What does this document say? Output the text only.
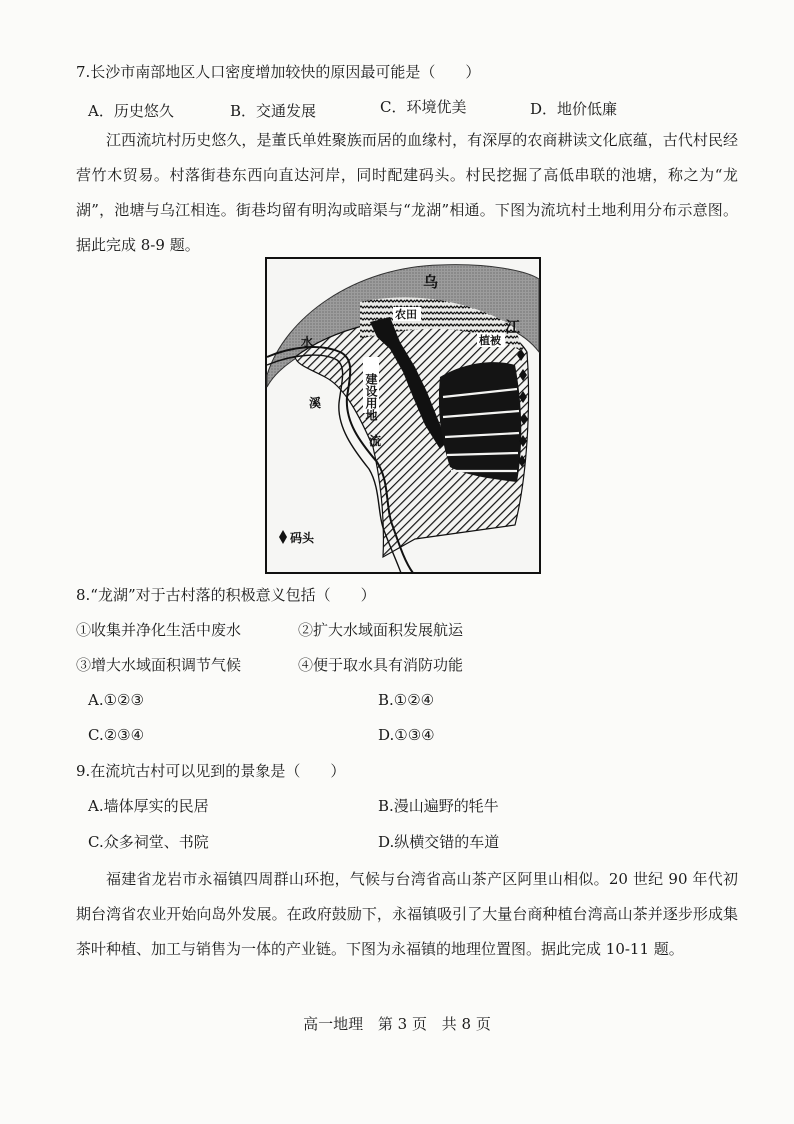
7.长沙市南部地区人口密度增加较快的原因最可能是（　　）
A．历史悠久	B．交通发展	C．环境优美	D．地价低廉
江西流坑村历史悠久，是董氏单姓聚族而居的血缘村，有深厚的农商耕读文化底蕴，古代村民经营竹木贸易。村落街巷东西向直达河岸，同时配建码头。村民挖掘了高低串联的池塘，称之为“龙湖”，池塘与乌江相连。街巷均留有明沟或暗渠与“龙湖”相通。下图为流坑村土地利用分布示意图。据此完成 8-9 题。
乌
江
水
溪
流
农田
植被
建设用地
码头
8.“龙湖”对于古村落的积极意义包括（　　）
①收集并净化生活中废水	②扩大水域面积发展航运
③增大水域面积调节气候	④便于取水具有消防功能
A.①②③	B.①②④
C.②③④	D.①③④
9.在流坑古村可以见到的景象是（　　）
A.墙体厚实的民居	B.漫山遍野的牦牛
C.众多祠堂、书院	D.纵横交错的车道
福建省龙岩市永福镇四周群山环抱，气候与台湾省高山茶产区阿里山相似。20 世纪 90 年代初期台湾省农业开始向岛外发展。在政府鼓励下，永福镇吸引了大量台商种植台湾高山茶并逐步形成集茶叶种植、加工与销售为一体的产业链。下图为永福镇的地理位置图。据此完成 10-11 题。
高一地理 第 3 页 共 8 页
